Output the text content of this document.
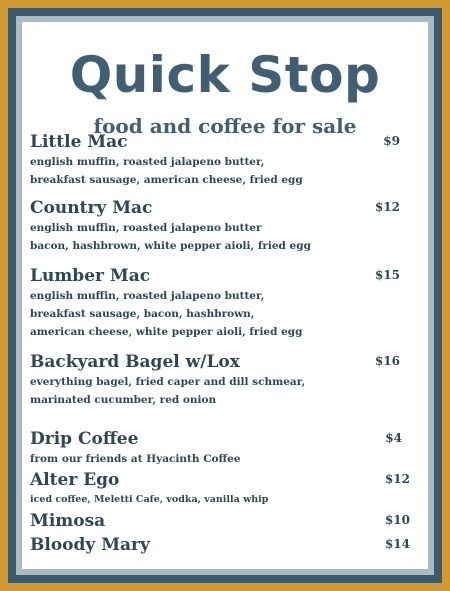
Quick Stop
food and coffee for sale
Little Mac	$9
english muffin, roasted jalapeno butter,
breakfast sausage, american cheese, fried egg
Country Mac	$12
english muffin, roasted jalapeno butter
bacon, hashbrown, white pepper aioli, fried egg
Lumber Mac	$15
english muffin, roasted jalapeno butter,
breakfast sausage, bacon, hashbrown,
american cheese, white pepper aioli, fried egg
Backyard Bagel w/Lox	$16
everything bagel, fried caper and dill schmear,
marinated cucumber, red onion
Drip Coffee	$4
from our friends at Hyacinth Coffee
Alter Ego	$12
iced coffee, Meletti Cafe, vodka, vanilla whip
Mimosa	$10
Bloody Mary	$14
